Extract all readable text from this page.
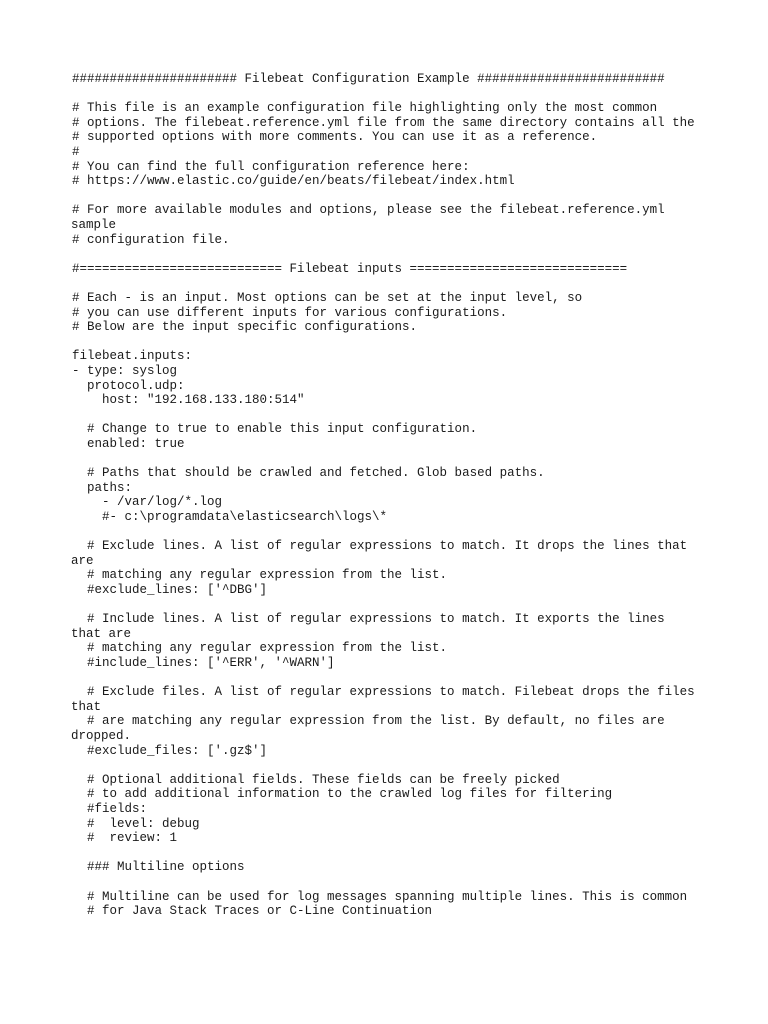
###################### Filebeat Configuration Example #########################
# This file is an example configuration file highlighting only the most common
# options. The filebeat.reference.yml file from the same directory contains all the
# supported options with more comments. You can use it as a reference.
#
# You can find the full configuration reference here:
# https://www.elastic.co/guide/en/beats/filebeat/index.html
# For more available modules and options, please see the filebeat.reference.yml
sample
# configuration file.
#=========================== Filebeat inputs =============================
# Each - is an input. Most options can be set at the input level, so
# you can use different inputs for various configurations.
# Below are the input specific configurations.
filebeat.inputs:
- type: syslog
protocol.udp:
host: "192.168.133.180:514"
# Change to true to enable this input configuration.
enabled: true
# Paths that should be crawled and fetched. Glob based paths.
paths:
- /var/log/*.log
#- c:\programdata\elasticsearch\logs\*
# Exclude lines. A list of regular expressions to match. It drops the lines that
are
# matching any regular expression from the list.
#exclude_lines: ['^DBG']
# Include lines. A list of regular expressions to match. It exports the lines
that are
# matching any regular expression from the list.
#include_lines: ['^ERR', '^WARN']
# Exclude files. A list of regular expressions to match. Filebeat drops the files
that
# are matching any regular expression from the list. By default, no files are
dropped.
#exclude_files: ['.gz$']
# Optional additional fields. These fields can be freely picked
# to add additional information to the crawled log files for filtering
#fields:
#  level: debug
#  review: 1
### Multiline options
# Multiline can be used for log messages spanning multiple lines. This is common
# for Java Stack Traces or C-Line Continuation
